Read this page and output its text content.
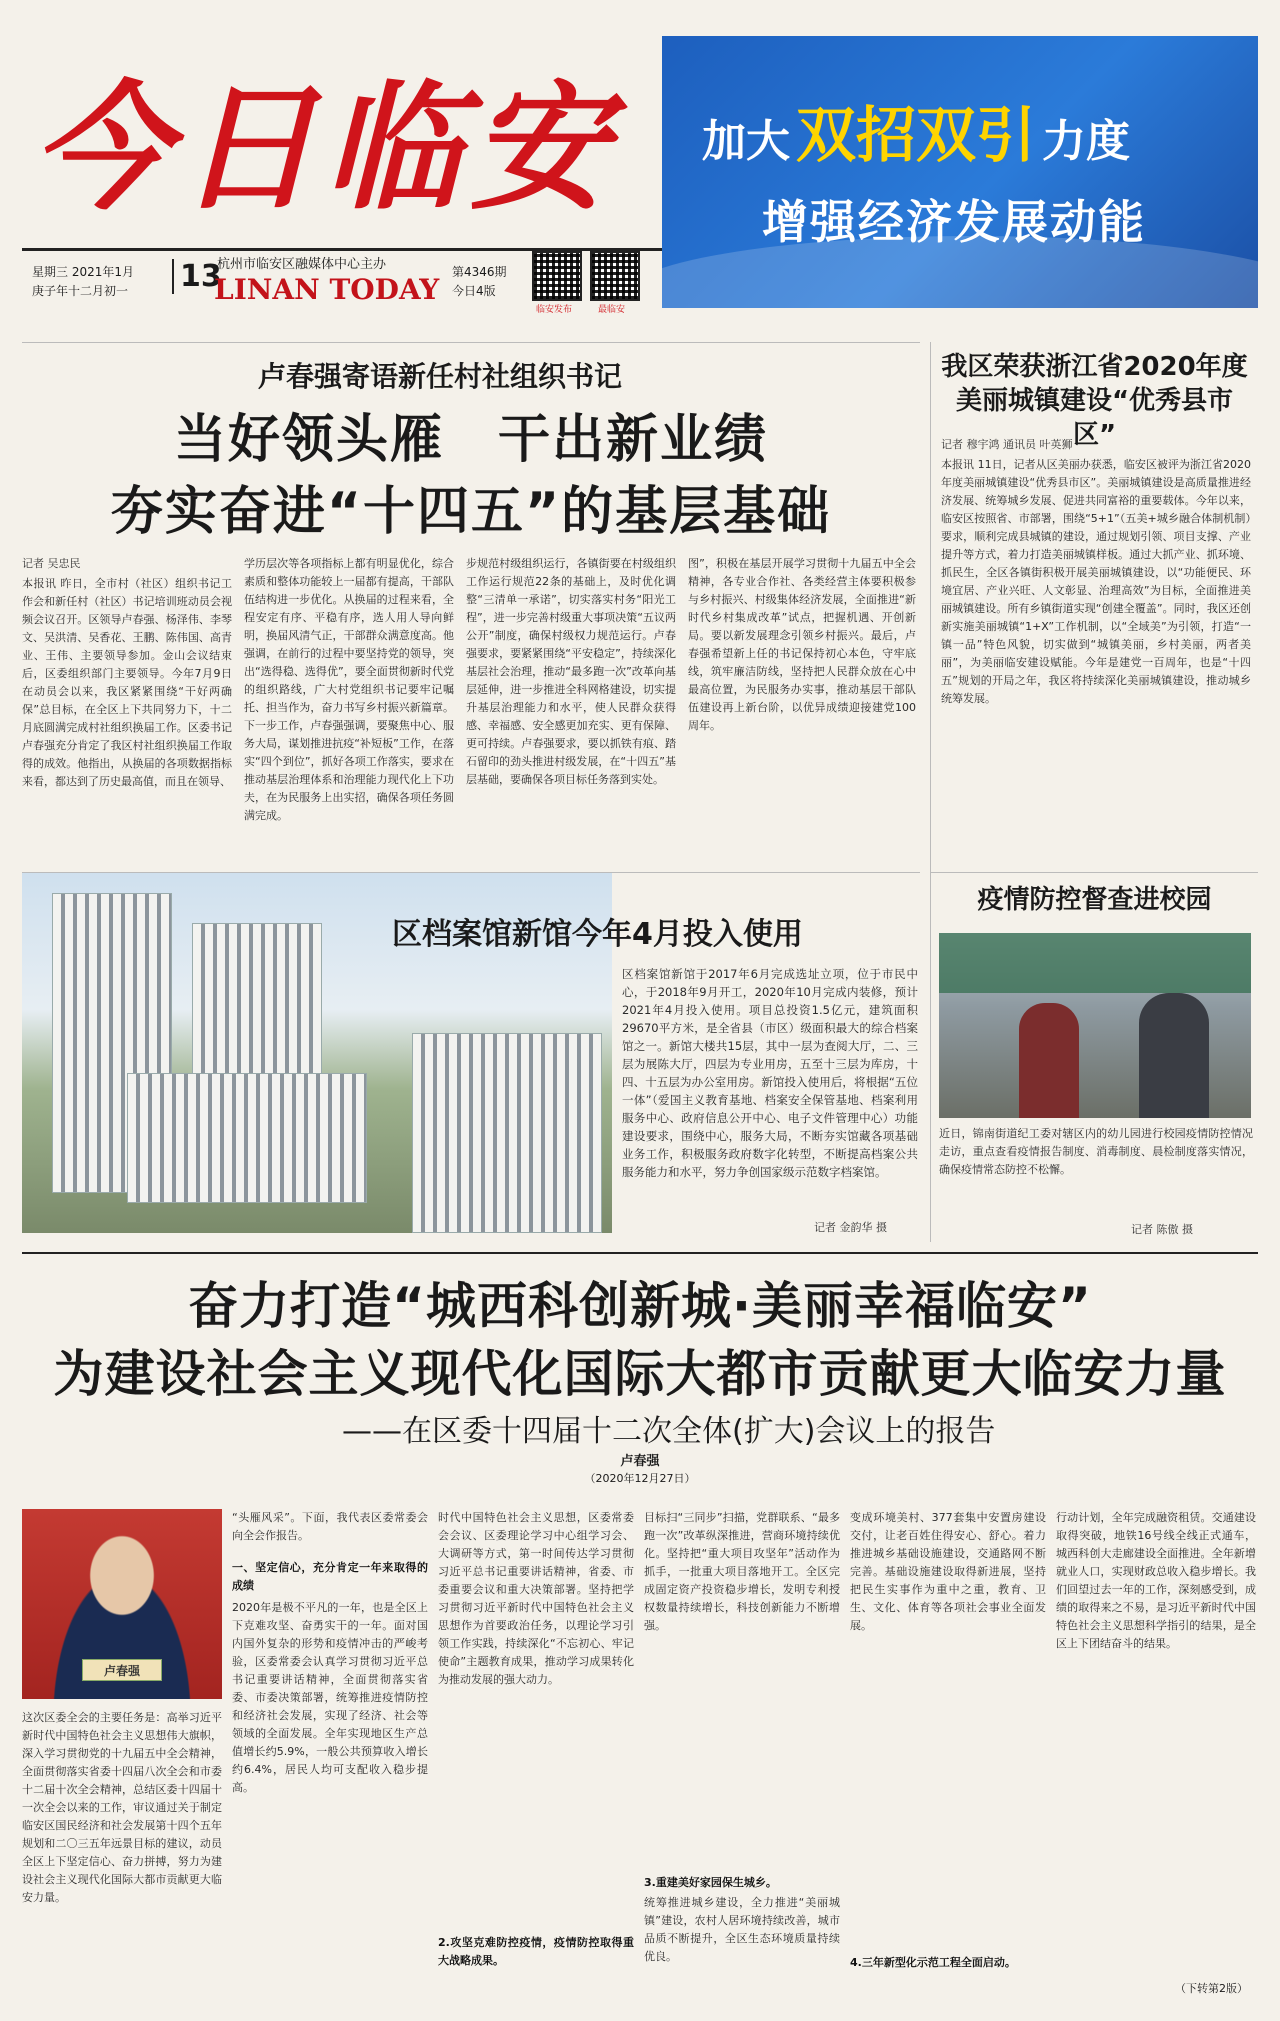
今日临安 加大 双招双引 力度
增强经济发展动能
星期三 2021年1月
庚子年十二月初一 13
杭州市临安区融媒体中心主办
LINAN TODAY
第4346期
今日4版
临安发布	最临安
卢春强寄语新任村社组织书记
当好领头雁　干出新业绩
夯实奋进“十四五”的基层基础
记者 吴忠民
本报讯 昨日，全市村（社区）组织书记工作会和新任村（社区）书记培训班动员会视频会议召开。区领导卢春强、杨泽伟、李琴文、吴洪清、吴香花、王鹏、陈伟国、高青业、王伟、主要领导参加。金山会议结束后，区委组织部门主要领导。今年7月9日在动员会以来，我区紧紧围绕“干好两确保”总目标，在全区上下共同努力下，十二月底圆满完成村社组织换届工作。区委书记卢春强充分肯定了我区村社组织换届工作取得的成效。他指出，从换届的各项数据指标来看，都达到了历史最高值，而且在领导、
学历层次等各项指标上都有明显优化，综合素质和整体功能较上一届都有提高，干部队伍结构进一步优化。从换届的过程来看，全程安定有序、平稳有序，选人用人导向鲜明，换届风清气正，干部群众满意度高。他强调，在前行的过程中要坚持党的领导，突出“选得稳、选得优”，要全面贯彻新时代党的组织路线，广大村党组织书记要牢记嘱托、担当作为，奋力书写乡村振兴新篇章。下一步工作，卢春强强调，要聚焦中心、服务大局，谋划推进抗疫“补短板”工作，在落实“四个到位”，抓好各项工作落实，要求在推动基层治理体系和治理能力现代化上下功夫，在为民服务上出实招，确保各项任务圆满完成。
步规范村级组织运行，各镇街要在村级组织工作运行规范22条的基础上，及时优化调整“三清单一承诺”，切实落实村务“阳光工程”，进一步完善村级重大事项决策“五议两公开”制度，确保村级权力规范运行。卢春强要求，要紧紧围绕“平安稳定”，持续深化基层社会治理，推动“最多跑一次”改革向基层延伸，进一步推进全科网格建设，切实提升基层治理能力和水平，使人民群众获得感、幸福感、安全感更加充实、更有保障、更可持续。卢春强要求，要以抓铁有痕、踏石留印的劲头推进村级发展，在“十四五”基层基础，要确保各项目标任务落到实处。
图”，积极在基层开展学习贯彻十九届五中全会精神，各专业合作社、各类经营主体要积极参与乡村振兴、村级集体经济发展，全面推进“新时代乡村集成改革”试点，把握机遇、开创新局。要以新发展理念引领乡村振兴。最后，卢春强希望新上任的书记保持初心本色，守牢底线，筑牢廉洁防线，坚持把人民群众放在心中最高位置，为民服务办实事，推动基层干部队伍建设再上新台阶，以优异成绩迎接建党100周年。
我区荣获浙江省2020年度美丽城镇建设“优秀县市区”
记者 穆宇鸿 通讯员 叶英狮
本报讯 11日，记者从区美丽办获悉，临安区被评为浙江省2020年度美丽城镇建设“优秀县市区”。美丽城镇建设是高质量推进经济发展、统筹城乡发展、促进共同富裕的重要载体。今年以来，临安区按照省、市部署，围绕“5+1”（五美+城乡融合体制机制）要求，顺利完成县城镇的建设，通过规划引领、项目支撑、产业提升等方式，着力打造美丽城镇样板。通过大抓产业、抓环境、抓民生，全区各镇街积极开展美丽城镇建设，以“功能便民、环境宜居、产业兴旺、人文彰显、治理高效”为目标，全面推进美丽城镇建设。所有乡镇街道实现“创建全覆盖”。同时，我区还创新实施美丽城镇“1+X”工作机制，以“全域美”为引领，打造“一镇一品”特色风貌，切实做到“城镇美丽，乡村美丽，两者美丽”，为美丽临安建设赋能。今年是建党一百周年，也是“十四五”规划的开局之年，我区将持续深化美丽城镇建设，推动城乡统筹发展。
区档案馆新馆今年4月投入使用
区档案馆新馆于2017年6月完成选址立项，位于市民中心，于2018年9月开工，2020年10月完成内装修，预计2021年4月投入使用。项目总投资1.5亿元，建筑面积29670平方米，是全省县（市区）级面积最大的综合档案馆之一。新馆大楼共15层，其中一层为查阅大厅，二、三层为展陈大厅，四层为专业用房，五至十三层为库房，十四、十五层为办公室用房。新馆投入使用后，将根据“五位一体”（爱国主义教育基地、档案安全保管基地、档案利用服务中心、政府信息公开中心、电子文件管理中心）功能建设要求，围绕中心，服务大局，不断夯实馆藏各项基础业务工作，积极服务政府数字化转型，不断提高档案公共服务能力和水平，努力争创国家级示范数字档案馆。
记者 金韵华 摄
疫情防控督查进校园
近日，锦南街道纪工委对辖区内的幼儿园进行校园疫情防控情况走访，重点查看疫情报告制度、消毒制度、晨检制度落实情况，确保疫情常态防控不松懈。
记者 陈傲 摄
奋力打造“城西科创新城·美丽幸福临安”
为建设社会主义现代化国际大都市贡献更大临安力量
——在区委十四届十二次全体(扩大)会议上的报告
卢春强
（2020年12月27日）
卢春强
这次区委全会的主要任务是：高举习近平新时代中国特色社会主义思想伟大旗帜，深入学习贯彻党的十九届五中全会精神，全面贯彻落实省委十四届八次全会和市委十二届十次全会精神，总结区委十四届十一次全会以来的工作，审议通过关于制定临安区国民经济和社会发展第十四个五年规划和二〇三五年远景目标的建议，动员全区上下坚定信心、奋力拼搏，努力为建设社会主义现代化国际大都市贡献更大临安力量。
“头雁风采”。下面，我代表区委常委会向全会作报告。
一、坚定信心，充分肯定一年来取得的成绩
2020年是极不平凡的一年，也是全区上下克难攻坚、奋勇实干的一年。面对国内国外复杂的形势和疫情冲击的严峻考验，区委常委会认真学习贯彻习近平总书记重要讲话精神，全面贯彻落实省委、市委决策部署，统筹推进疫情防控和经济社会发展，实现了经济、社会等领域的全面发展。全年实现地区生产总值增长约5.9%，一般公共预算收入增长约6.4%，居民人均可支配收入稳步提高。
时代中国特色社会主义思想，区委常委会会议、区委理论学习中心组学习会、大调研等方式，第一时间传达学习贯彻习近平总书记重要讲话精神，省委、市委重要会议和重大决策部署。坚持把学习贯彻习近平新时代中国特色社会主义思想作为首要政治任务，以理论学习引领工作实践，持续深化“不忘初心、牢记使命”主题教育成果，推动学习成果转化为推动发展的强大动力。
2.攻坚克难防控疫情，疫情防控取得重大战略成果。
目标扫“三同步”扫描，党群联系、“最多跑一次”改革纵深推进，营商环境持续优化。坚持把“重大项目攻坚年”活动作为抓手，一批重大项目落地开工。全区完成固定资产投资稳步增长，发明专利授权数量持续增长，科技创新能力不断增强。
3.重建美好家园保生城乡。
统筹推进城乡建设，全力推进“美丽城镇”建设，农村人居环境持续改善，城市品质不断提升，全区生态环境质量持续优良。
变成环境美村、377套集中安置房建设交付，让老百姓住得安心、舒心。着力推进城乡基础设施建设，交通路网不断完善。基础设施建设取得新进展，坚持把民生实事作为重中之重，教育、卫生、文化、体育等各项社会事业全面发展。
4.三年新型化示范工程全面启动。
行动计划，全年完成融资租赁。交通建设取得突破，地铁16号线全线正式通车，城西科创大走廊建设全面推进。全年新增就业人口，实现财政总收入稳步增长。我们回望过去一年的工作，深刻感受到，成绩的取得来之不易，是习近平新时代中国特色社会主义思想科学指引的结果，是全区上下团结奋斗的结果。
（下转第2版）
